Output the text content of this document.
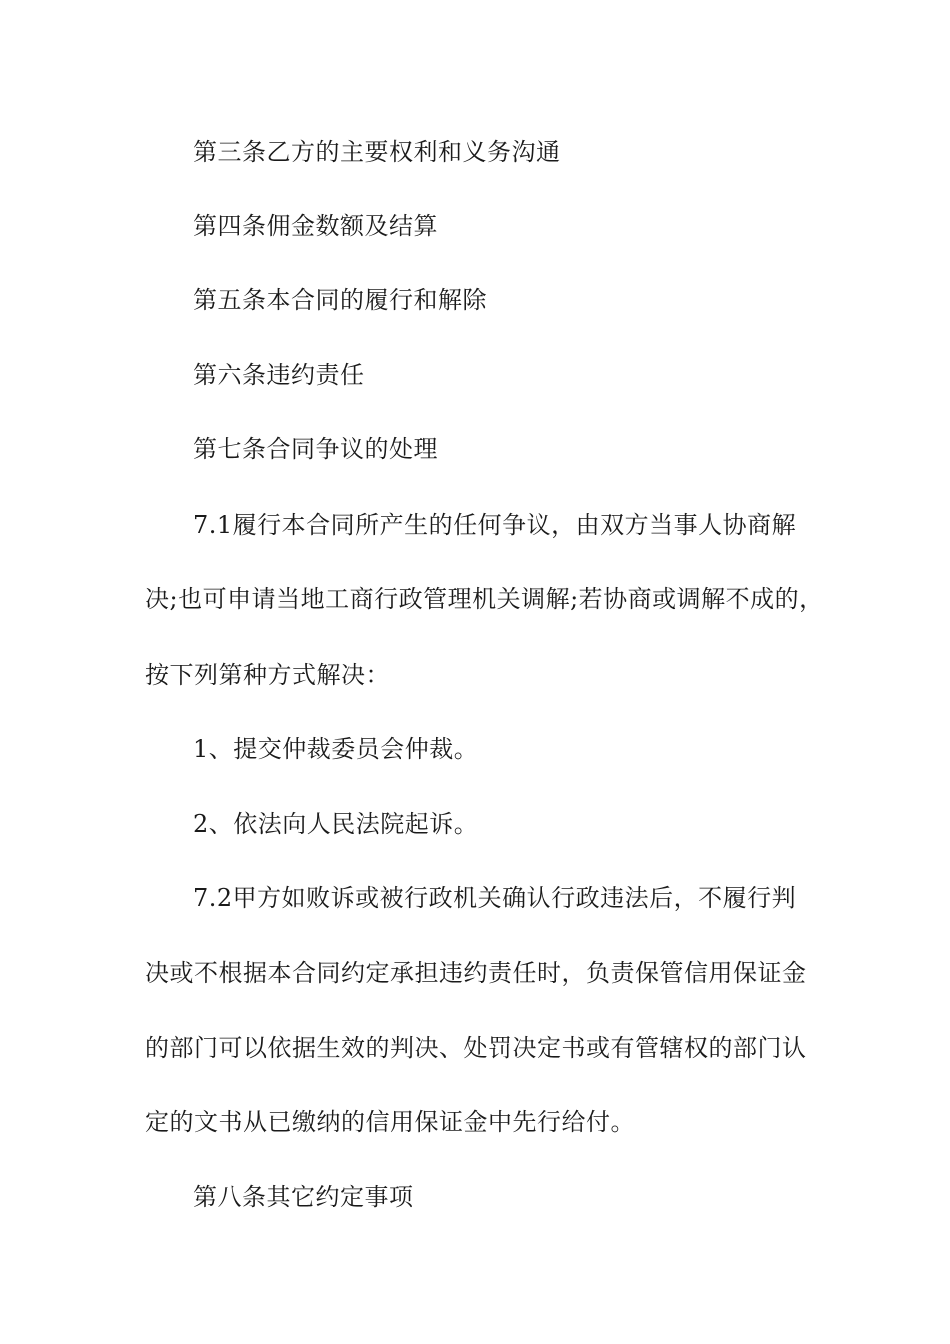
第三条乙方的主要权利和义务沟通
第四条佣金数额及结算
第五条本合同的履行和解除
第六条违约责任
第七条合同争议的处理
7.1履行本合同所产生的任何争议，由双方当事人协商解
决;也可申请当地工商行政管理机关调解;若协商或调解不成的，
按下列第种方式解决：
1、提交仲裁委员会仲裁。
2、依法向人民法院起诉。
7.2甲方如败诉或被行政机关确认行政违法后，不履行判
决或不根据本合同约定承担违约责任时，负责保管信用保证金
的部门可以依据生效的判决、处罚决定书或有管辖权的部门认
定的文书从已缴纳的信用保证金中先行给付。
第八条其它约定事项
